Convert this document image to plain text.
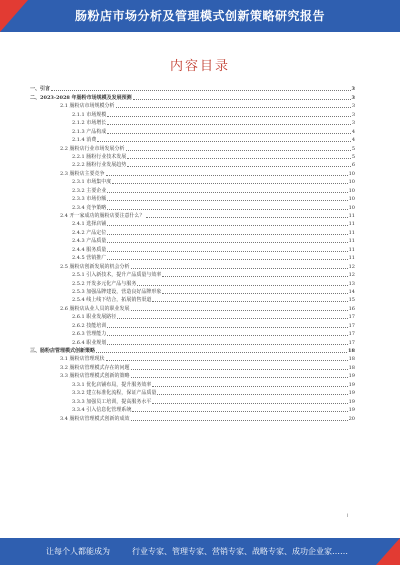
肠粉店市场分析及管理模式创新策略研究报告
内容目录
一、引言	3
二、2023-2028 年肠粉市场规模及发展预测	3
2.1 肠粉店市场规模分析	3
2.1.1 市场规模	3
2.1.2 市场增长	3
2.1.3 产品构成	4
2.1.4 消费	4
2.2 肠粉店行业市场发展分析	5
2.2.1 肠粉行业技术发展	5
2.2.2 肠粉行业发展趋势	6
2.3 肠粉店主要竞争	10
2.3.1 市场集中度	10
2.3.2 主要企业	10
2.3.3 市场份额	10
2.3.4 竞争策略	10
2.4 开一家成功的肠粉店要注意什么？	11
2.4.1 选择店铺	11
2.4.2 产品定位	11
2.4.3 产品质量	11
2.4.4 服务质量	11
2.4.5 营销推广	11
2.5 肠粉店创新发展的机会分析	12
2.5.1 引入新技术，提升产品质量与效率	12
2.5.2 开发多元化产品与服务	13
2.5.3 加强品牌建设，营造良好品牌形象	14
2.5.4 线上线下结合，拓展销售渠道	15
2.6 肠粉店从业人员的职业发展	16
2.6.1 职业发展路径	17
2.6.2 技能培训	17
2.6.3 管理能力	17
2.6.4 职业规划	17
三、肠粉店管理模式创新策略	18
3.1 肠粉店管理现状	18
3.2 肠粉店管理模式存在的问题	18
3.3 肠粉店管理模式创新的策略	19
3.3.1 优化店铺布局，提升服务效率	19
3.3.2 建立标准化流程，保证产品质量	19
3.3.3 加强员工培训，提高服务水平	19
3.3.4 引入信息化管理系统	19
3.4 肠粉店管理模式创新的成效	20
I
让每个人都能成为	行业专家、管理专家、营销专家、战略专家、成功企业家……
